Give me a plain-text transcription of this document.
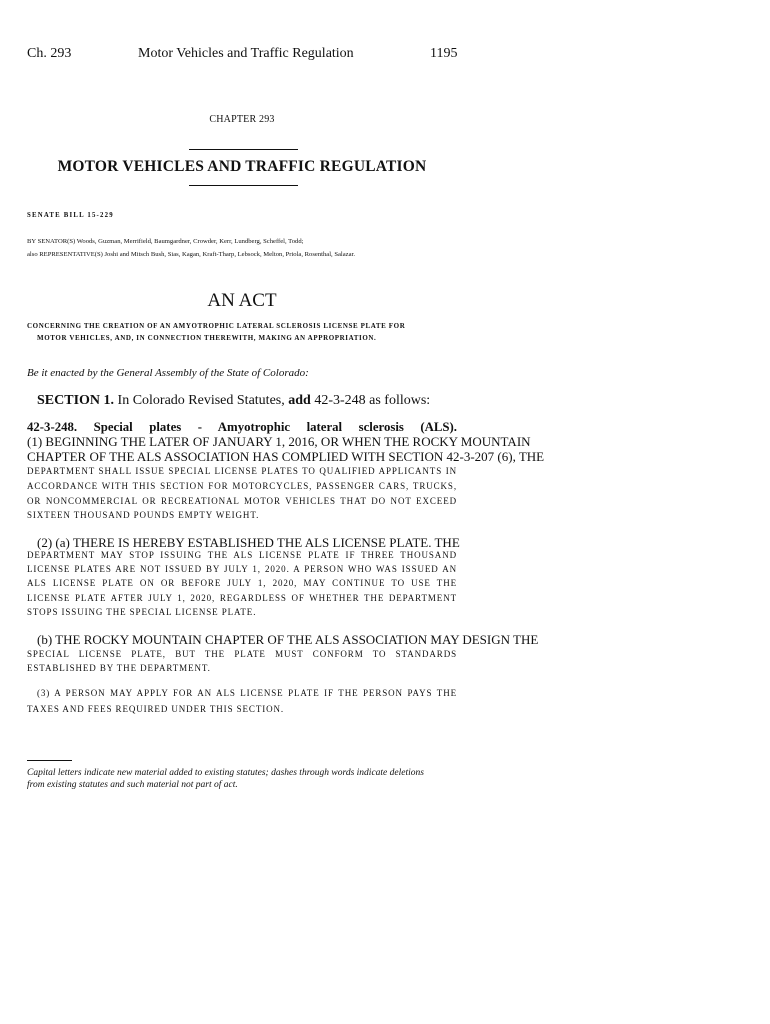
Ch. 293	Motor Vehicles and Traffic Regulation	1195
CHAPTER 293
MOTOR VEHICLES AND TRAFFIC REGULATION
SENATE BILL 15-229
BY SENATOR(S) Woods, Guzman, Merrifield, Baumgardner, Crowder, Kerr, Lundberg, Scheffel, Todd;
also REPRESENTATIVE(S) Joshi and Mitsch Bush, Sias, Kagan, Kraft-Tharp, Lebsock, Melton, Priola, Rosenthal, Salazar.
AN ACT
CONCERNING THE CREATION OF AN AMYOTROPHIC LATERAL SCLEROSIS LICENSE PLATE FOR
MOTOR VEHICLES, AND, IN CONNECTION THEREWITH, MAKING AN APPROPRIATION.
Be it enacted by the General Assembly of the State of Colorado:
SECTION 1. In Colorado Revised Statutes, add 42-3-248 as follows:
42-3-248. Special plates - Amyotrophic lateral sclerosis (ALS).
(1) BEGINNING THE LATER OF JANUARY 1, 2016, OR WHEN THE ROCKY MOUNTAIN
CHAPTER OF THE ALS ASSOCIATION HAS COMPLIED WITH SECTION 42-3-207 (6), THE
DEPARTMENT SHALL ISSUE SPECIAL LICENSE PLATES TO QUALIFIED APPLICANTS IN
ACCORDANCE WITH THIS SECTION FOR MOTORCYCLES, PASSENGER CARS, TRUCKS,
OR NONCOMMERCIAL OR RECREATIONAL MOTOR VEHICLES THAT DO NOT EXCEED
SIXTEEN THOUSAND POUNDS EMPTY WEIGHT.
(2) (a) THERE IS HEREBY ESTABLISHED THE ALS LICENSE PLATE. THE
DEPARTMENT MAY STOP ISSUING THE ALS LICENSE PLATE IF THREE THOUSAND
LICENSE PLATES ARE NOT ISSUED BY JULY 1, 2020. A PERSON WHO WAS ISSUED AN
ALS LICENSE PLATE ON OR BEFORE JULY 1, 2020, MAY CONTINUE TO USE THE
LICENSE PLATE AFTER JULY 1, 2020, REGARDLESS OF WHETHER THE DEPARTMENT
STOPS ISSUING THE SPECIAL LICENSE PLATE.
(b) THE ROCKY MOUNTAIN CHAPTER OF THE ALS ASSOCIATION MAY DESIGN THE
SPECIAL LICENSE PLATE, BUT THE PLATE MUST CONFORM TO STANDARDS
ESTABLISHED BY THE DEPARTMENT.
(3) A PERSON MAY APPLY FOR AN ALS LICENSE PLATE IF THE PERSON PAYS THE
TAXES AND FEES REQUIRED UNDER THIS SECTION.
Capital letters indicate new material added to existing statutes; dashes through words indicate deletions
from existing statutes and such material not part of act.
